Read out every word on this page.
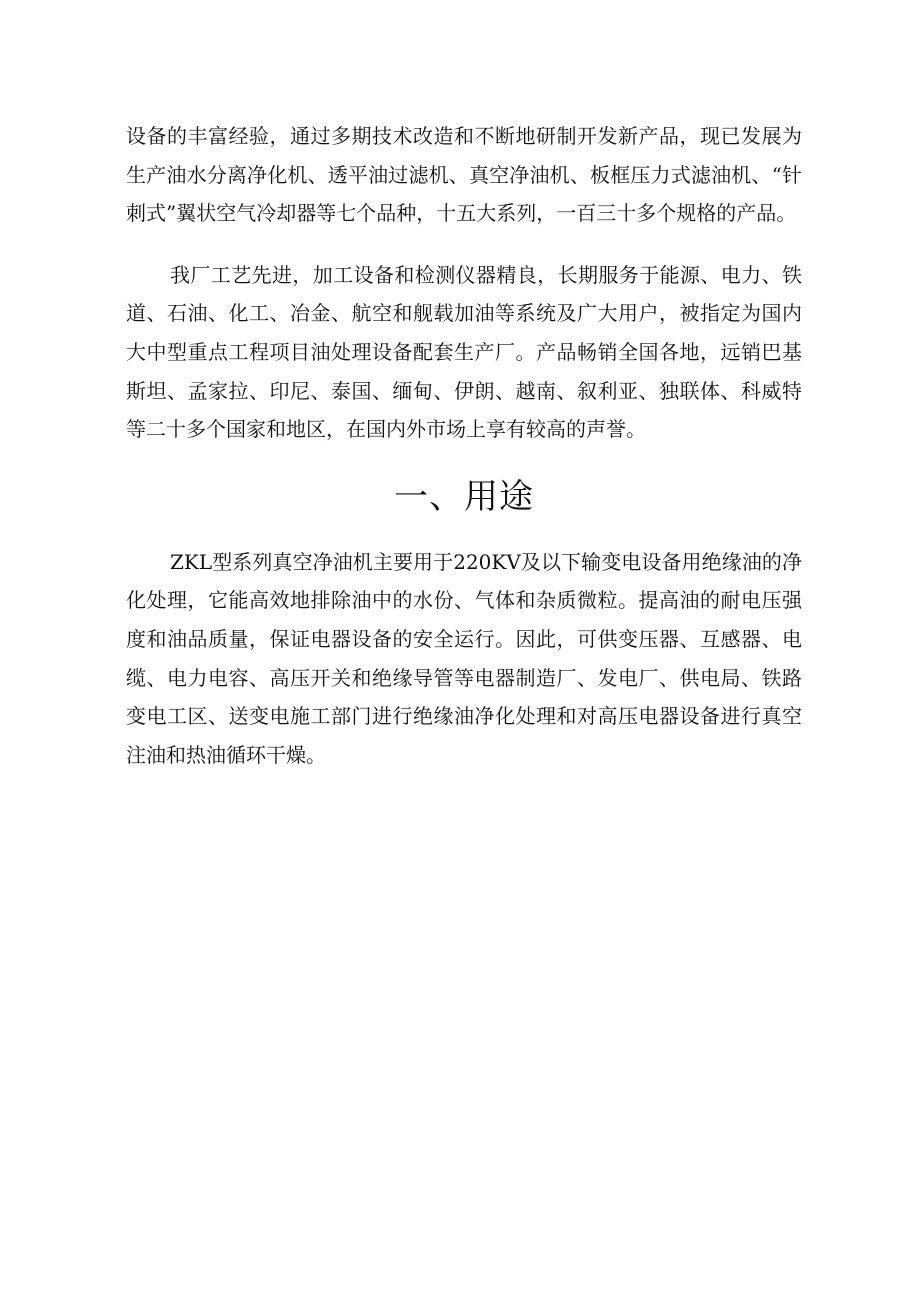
设备的丰富经验，通过多期技术改造和不断地研制开发新产品，现已发展为生产油水分离净化机、透平油过滤机、真空净油机、板框压力式滤油机、“针刺式”翼状空气冷却器等七个品种，十五大系列，一百三十多个规格的产品。

我厂工艺先进，加工设备和检测仪器精良，长期服务于能源、电力、铁道、石油、化工、冶金、航空和舰载加油等系统及广大用户，被指定为国内大中型重点工程项目油处理设备配套生产厂。产品畅销全国各地，远销巴基斯坦、孟家拉、印尼、泰国、缅甸、伊朗、越南、叙利亚、独联体、科威特等二十多个国家和地区，在国内外市场上享有较高的声誉。

一、用途

ZKL型系列真空净油机主要用于220KV及以下输变电设备用绝缘油的净化处理，它能高效地排除油中的水份、气体和杂质微粒。提高油的耐电压强度和油品质量，保证电器设备的安全运行。因此，可供变压器、互感器、电缆、电力电容、高压开关和绝缘导管等电器制造厂、发电厂、供电局、铁路变电工区、送变电施工部门进行绝缘油净化处理和对高压电器设备进行真空注油和热油循环干燥。
